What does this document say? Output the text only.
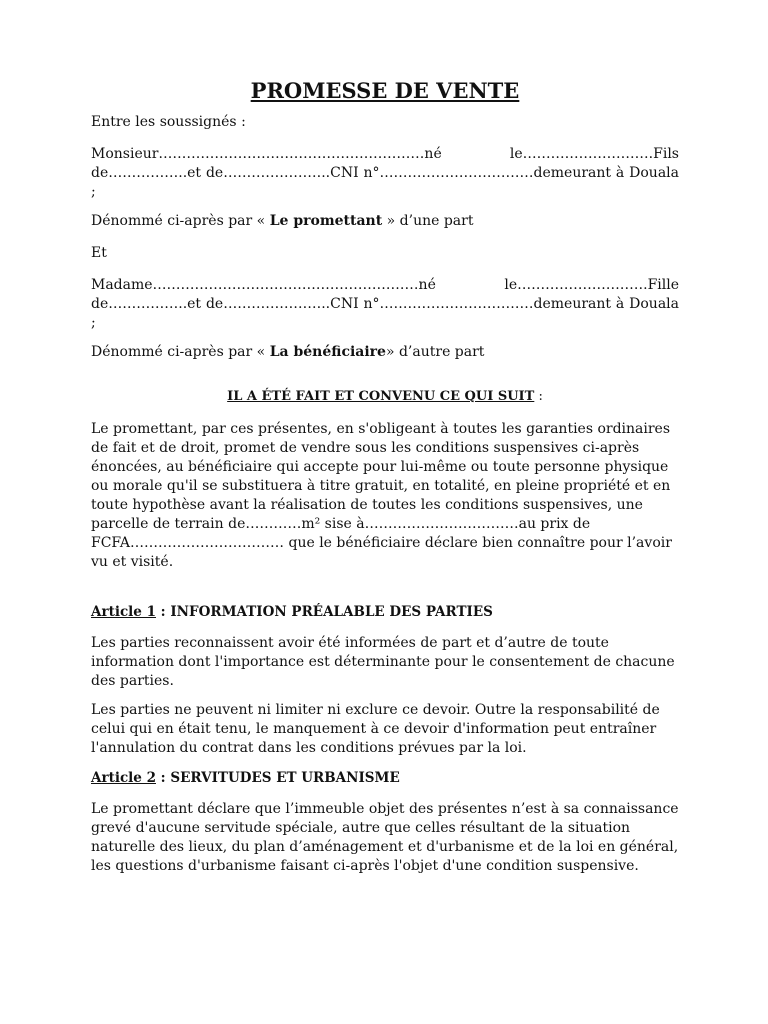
PROMESSE DE VENTE

Entre les soussignés :

Monsieur…………………………………………………né le……………………….Fils de……………..et de…………………..CNI n°……………………………demeurant à Douala ;

Dénommé ci-après par « Le promettant » d’une part

Et

Madame…………………………………………………né le……………………….Fille de……………..et de…………………..CNI n°……………………………demeurant à Douala ;

Dénommé ci-après par « La bénéficiaire» d’autre part

IL A ÉTÉ FAIT ET CONVENU CE QUI SUIT :

Le promettant, par ces présentes, en s'obligeant à toutes les garanties ordinaires de fait et de droit, promet de vendre sous les conditions suspensives ci-après énoncées, au bénéficiaire qui accepte pour lui-même ou toute personne physique ou morale qu'il se substituera à titre gratuit, en totalité, en pleine propriété et en toute hypothèse avant la réalisation de toutes les conditions suspensives, une parcelle de terrain de…………m² sise à……………………………au prix de FCFA…………………………… que le bénéficiaire déclare bien connaître pour l’avoir vu et visité.

Article 1 : INFORMATION PRÉALABLE DES PARTIES

Les parties reconnaissent avoir été informées de part et d’autre de toute information dont l'importance est déterminante pour le consentement de chacune des parties.

Les parties ne peuvent ni limiter ni exclure ce devoir. Outre la responsabilité de celui qui en était tenu, le manquement à ce devoir d'information peut entraîner l'annulation du contrat dans les conditions prévues par la loi.

Article 2 : SERVITUDES ET URBANISME

Le promettant déclare que l’immeuble objet des présentes n’est à sa connaissance grevé d'aucune servitude spéciale, autre que celles résultant de la situation naturelle des lieux, du plan d’aménagement et d'urbanisme et de la loi en général, les questions d'urbanisme faisant ci-après l'objet d'une condition suspensive.
